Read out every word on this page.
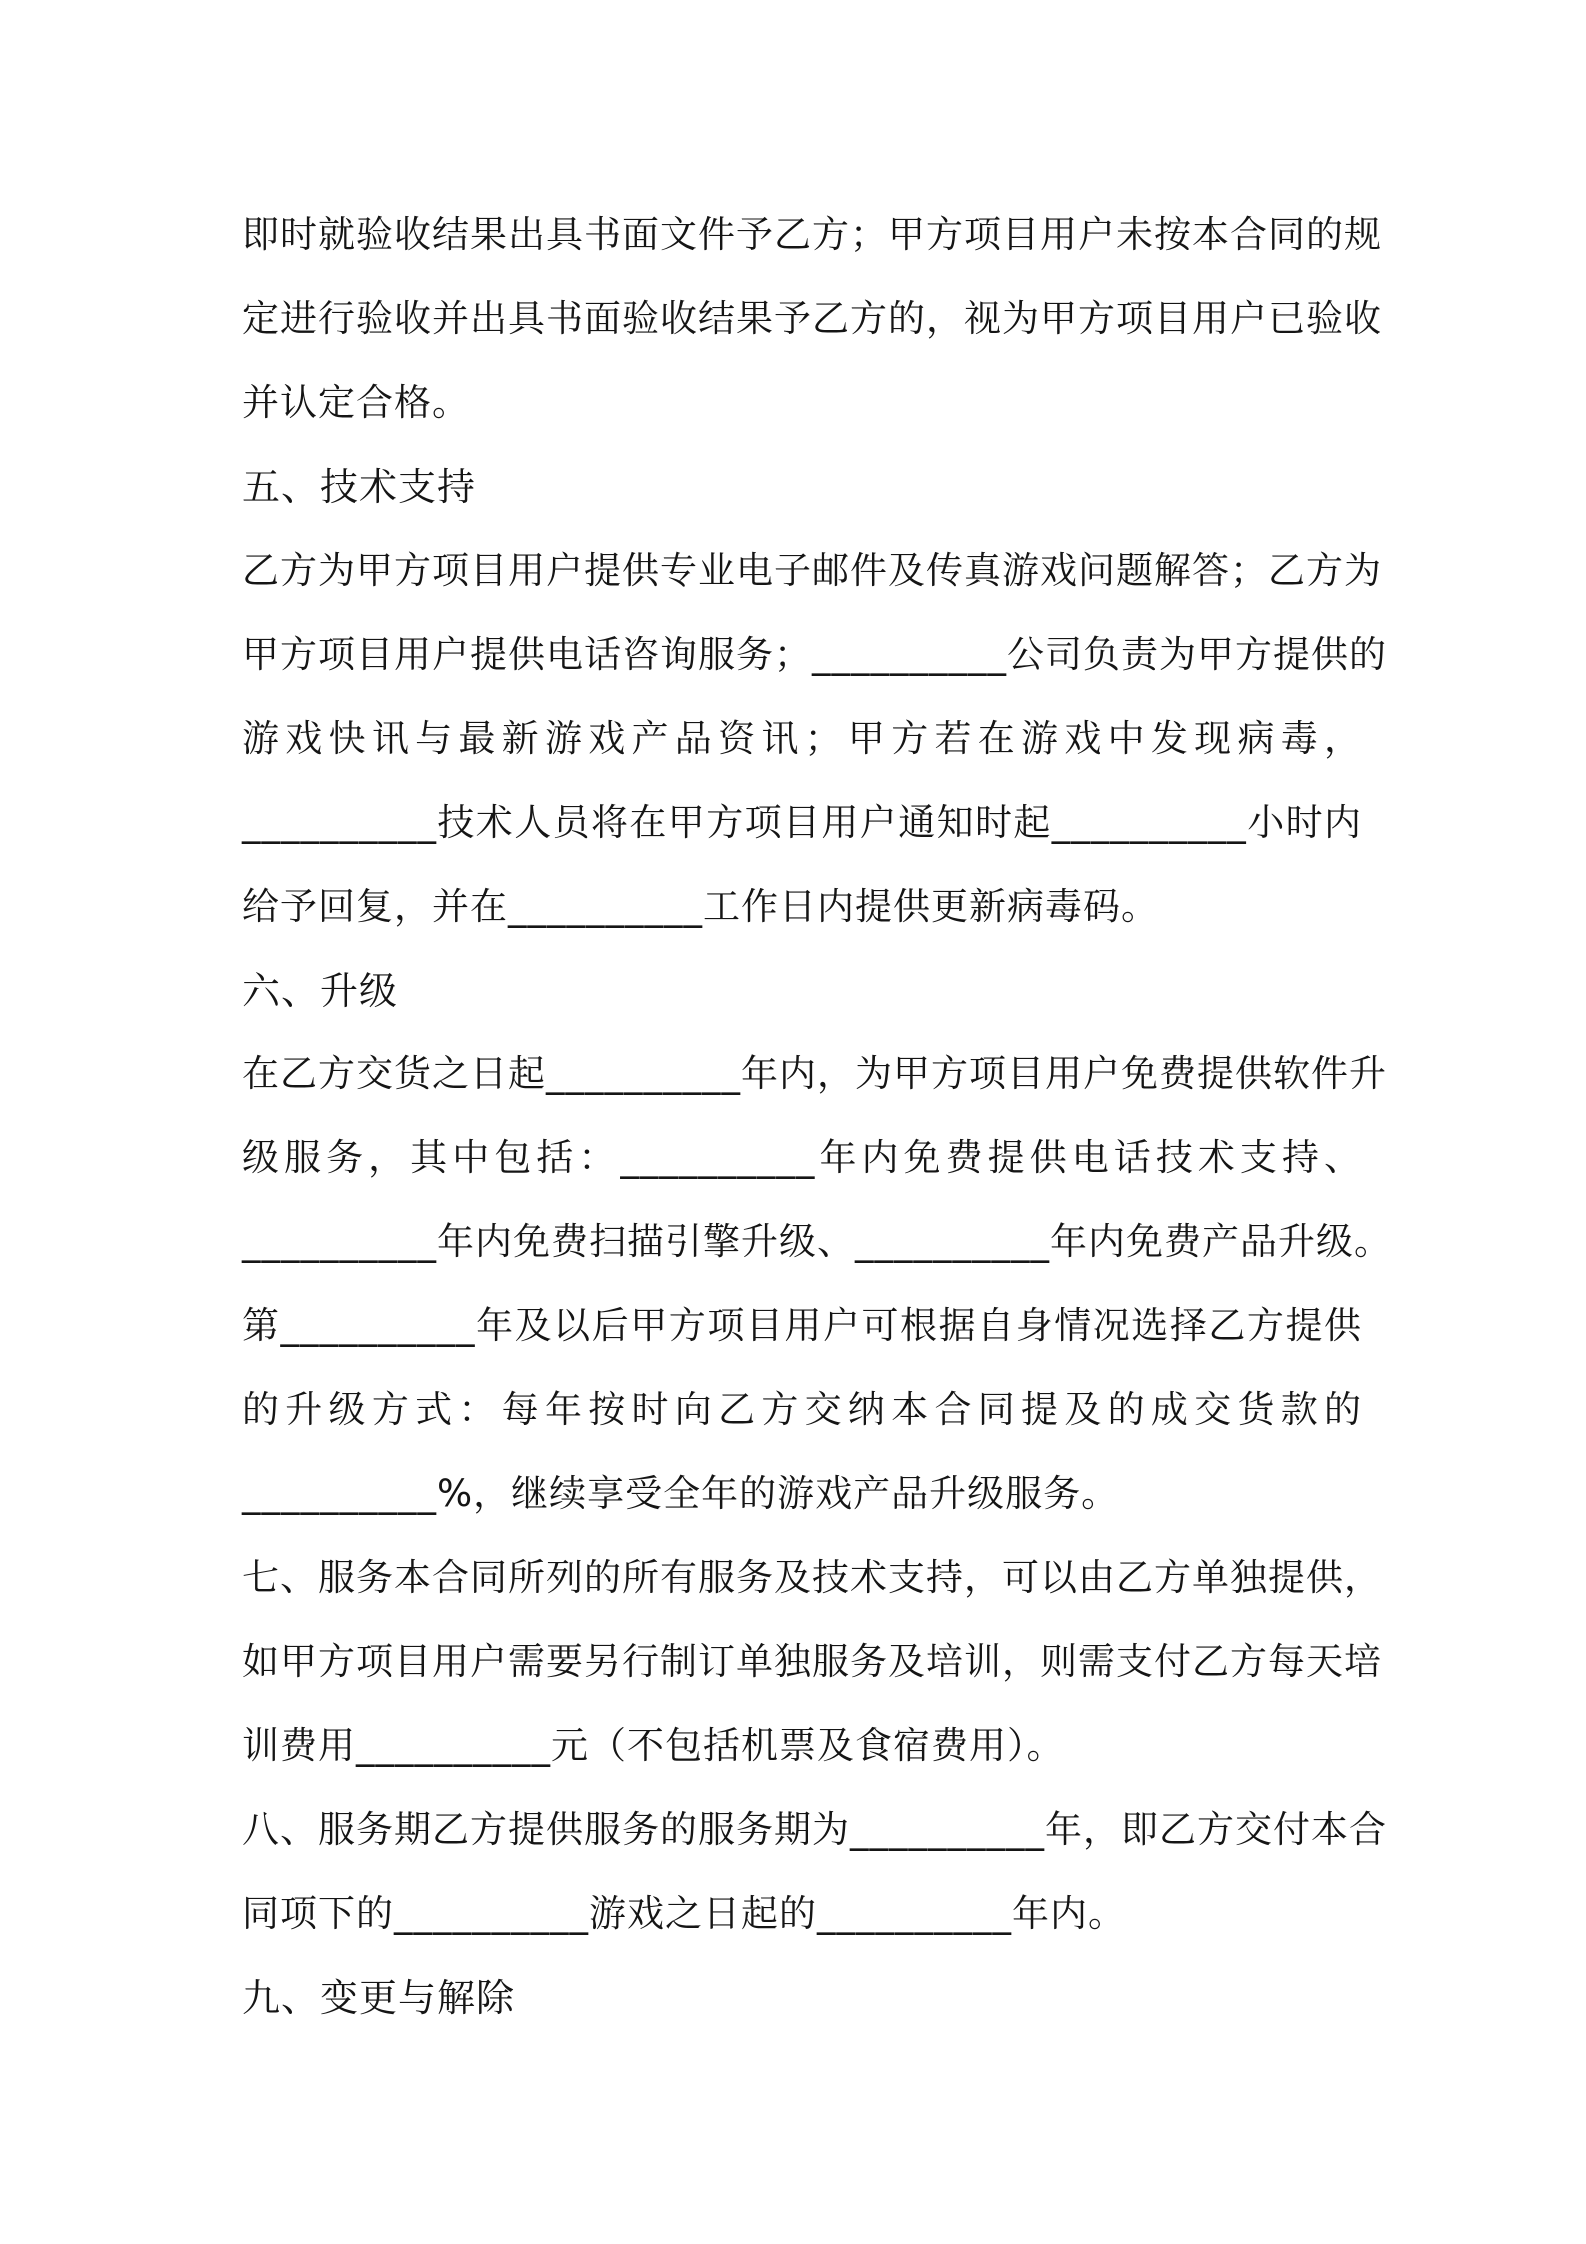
即时就验收结果出具书面文件予乙方；甲方项目用户未按本合同的规
定进行验收并出具书面验收结果予乙方的，视为甲方项目用户已验收
并认定合格。
五、技术支持
乙方为甲方项目用户提供专业电子邮件及传真游戏问题解答；乙方为
甲方项目用户提供电话咨询服务；__________公司负责为甲方提供的
游戏快讯与最新游戏产品资讯；甲方若在游戏中发现病毒，
__________技术人员将在甲方项目用户通知时起__________小时内
给予回复，并在__________工作日内提供更新病毒码。
六、升级
在乙方交货之日起__________年内，为甲方项目用户免费提供软件升
级服务，其中包括：__________年内免费提供电话技术支持、
__________年内免费扫描引擎升级、__________年内免费产品升级。
第__________年及以后甲方项目用户可根据自身情况选择乙方提供
的升级方式：每年按时向乙方交纳本合同提及的成交货款的
__________%，继续享受全年的游戏产品升级服务。
七、服务本合同所列的所有服务及技术支持，可以由乙方单独提供，
如甲方项目用户需要另行制订单独服务及培训，则需支付乙方每天培
训费用__________元（不包括机票及食宿费用）。
八、服务期乙方提供服务的服务期为__________年，即乙方交付本合
同项下的__________游戏之日起的__________年内。
九、变更与解除
